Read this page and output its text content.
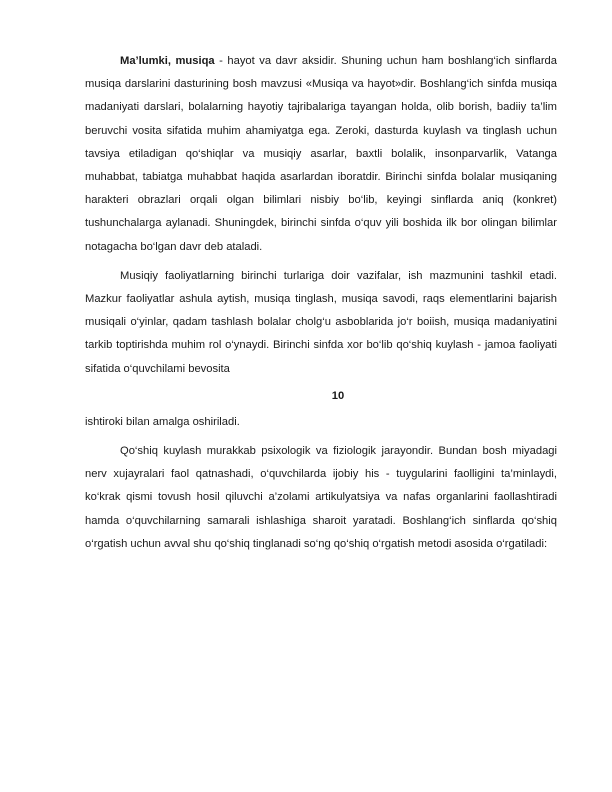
Ma’lumki, musiqa - hayot va davr aksidir. Shuning uchun ham boshlang‘ich sinflarda musiqa darslarini dasturining bosh mavzusi «Musiqa va hayot»dir. Boshlang‘ich sinfda musiqa madaniyati darslari, bolalarning hayotiy tajribalariga tayangan holda, olib borish, badiiy ta’lim beruvchi vosita sifatida muhim ahamiyatga ega. Zeroki, dasturda kuylash va tinglash uchun tavsiya etiladigan qo‘shiqlar va musiqiy asarlar, baxtli bolalik, insonparvarlik, Vatanga muhabbat, tabiatga muhabbat haqida asarlardan iboratdir. Birinchi sinfda bolalar musiqaning harakteri obrazlari orqali olgan bilimlari nisbiy bo‘lib, keyingi sinflarda aniq (konkret) tushunchalarga aylanadi. Shuningdek, birinchi sinfda o‘quv yili boshida ilk bor olingan bilimlar notagacha bo‘lgan davr deb ataladi.

Musiqiy faoliyatlarning birinchi turlariga doir vazifalar, ish mazmunini tashkil etadi. Mazkur faoliyatlar ashula aytish, musiqa tinglash, musiqa savodi, raqs elementlarini bajarish musiqali o‘yinlar, qadam tashlash bolalar cholg‘u asboblarida jo‘r boiish, musiqa madaniyatini tarkib toptirishda muhim rol o‘ynaydi. Birinchi sinfda xor bo‘lib qo‘shiq kuylash - jamoa faoliyati sifatida o‘quvchilami bevosita

10

ishtiroki bilan amalga oshiriladi.

Qo‘shiq kuylash murakkab psixologik va fiziologik jarayondir. Bundan bosh miyadagi nerv xujayralari faol qatnashadi, o‘quvchilarda ijobiy his - tuygularini faolligini ta’minlaydi, ko‘krak qismi tovush hosil qiluvchi a’zolami artikulyatsiya va nafas organlarini faollashtiradi hamda o‘quvchilarning samarali ishlashiga sharoit yaratadi. Boshlang‘ich sinflarda qo‘shiq o‘rgatish uchun avval shu qo‘shiq tinglanadi so‘ng qo‘shiq o‘rgatish metodi asosida o‘rgatiladi:
